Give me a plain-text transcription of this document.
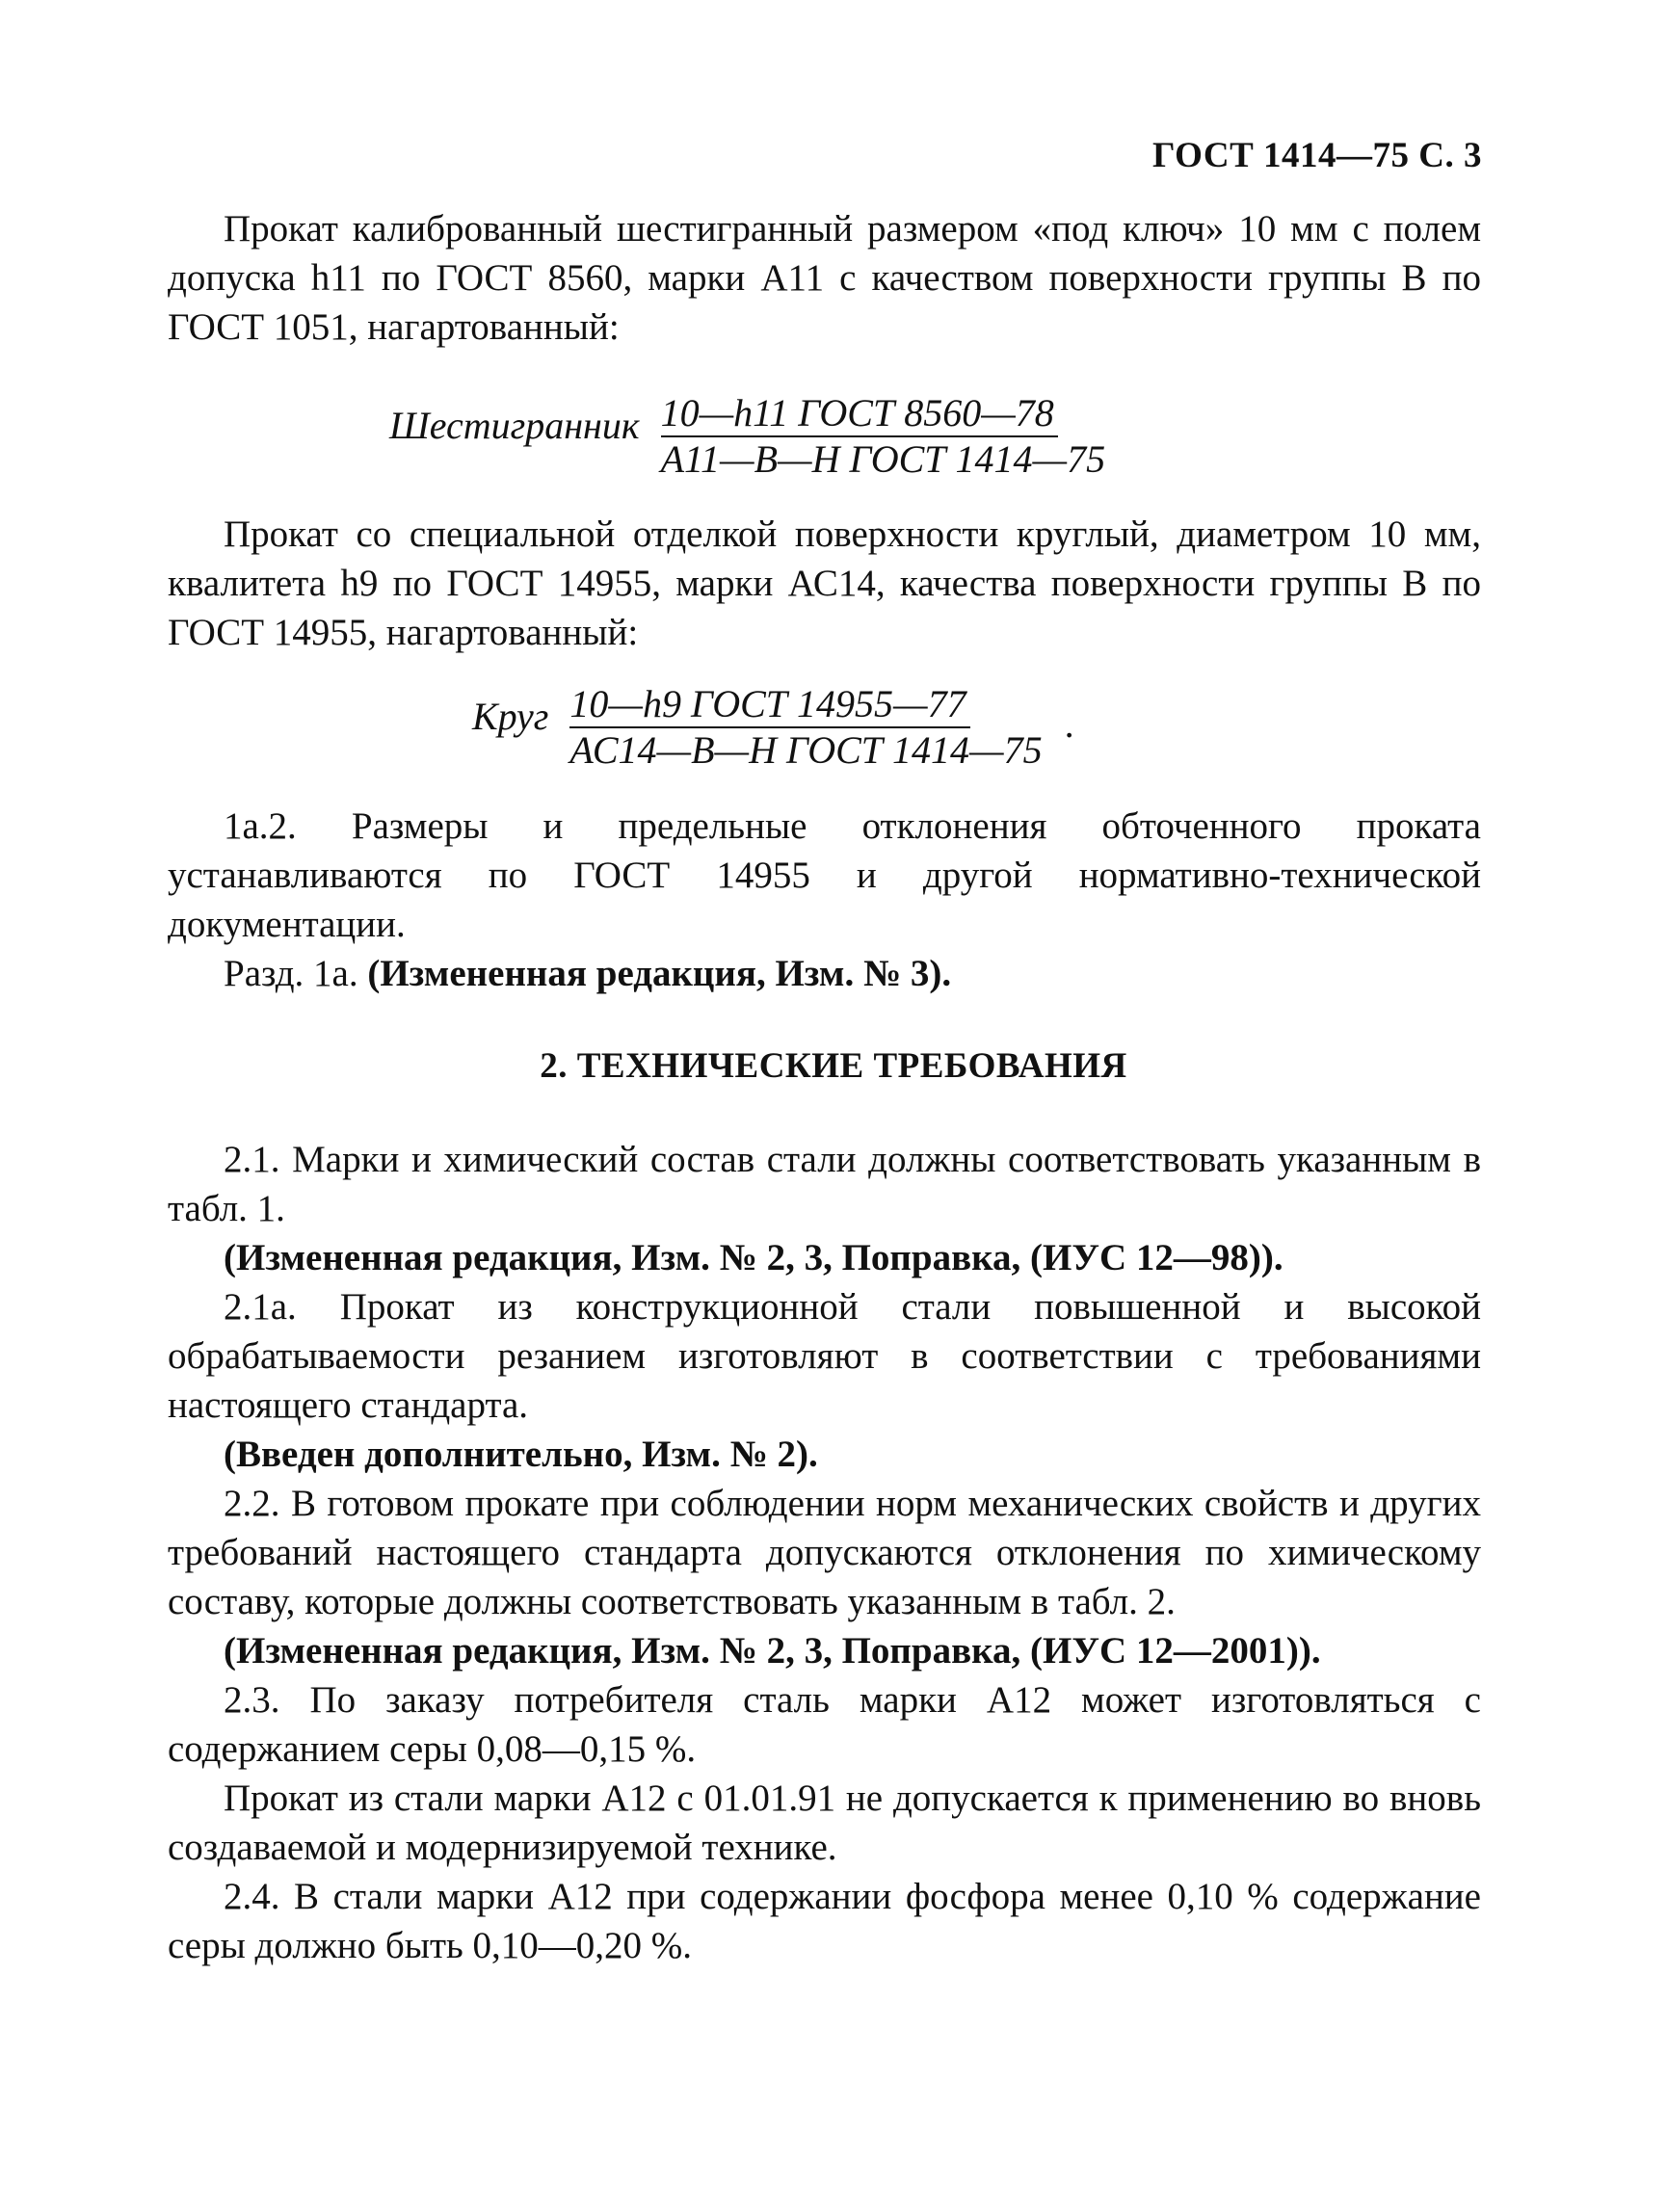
ГОСТ 1414—75 С. 3

Прокат калиброванный шестигранный размером «под ключ» 10 мм с полем допуска h11 по ГОСТ 8560, марки А11 с качеством поверхности группы В по ГОСТ 1051, нагартованный:

Шестигранник $\frac{\text{10—h11 ГОСТ 8560—78}}{\text{А11—В—Н ГОСТ 1414—75}}$

Прокат со специальной отделкой поверхности круглый, диаметром 10 мм, квалитета h9 по ГОСТ 14955, марки АС14, качества поверхности группы В по ГОСТ 14955, нагартованный:

Круг $\frac{\text{10—h9 ГОСТ 14955—77}}{\text{АС14—В—Н ГОСТ 1414—75}}$ .

1а.2. Размеры и предельные отклонения обточенного проката устанавливаются по ГОСТ 14955 и другой нормативно-технической документации.

Разд. 1а. (Измененная редакция, Изм. № 3).

2. ТЕХНИЧЕСКИЕ ТРЕБОВАНИЯ

2.1. Марки и химический состав стали должны соответствовать указанным в табл. 1.

(Измененная редакция, Изм. № 2, 3, Поправка, (ИУС 12—98)).

2.1а. Прокат из конструкционной стали повышенной и высокой обрабатываемости резанием изготовляют в соответствии с требованиями настоящего стандарта.

(Введен дополнительно, Изм. № 2).

2.2. В готовом прокате при соблюдении норм механических свойств и других требований настоящего стандарта допускаются отклонения по химическому составу, которые должны соответствовать указанным в табл. 2.

(Измененная редакция, Изм. № 2, 3, Поправка, (ИУС 12—2001)).

2.3. По заказу потребителя сталь марки А12 может изготовляться с содержанием серы 0,08—0,15 %.

Прокат из стали марки А12 с 01.01.91 не допускается к применению во вновь создаваемой и модернизируемой технике.

2.4. В стали марки А12 при содержании фосфора менее 0,10 % содержание серы должно быть 0,10—0,20 %.
